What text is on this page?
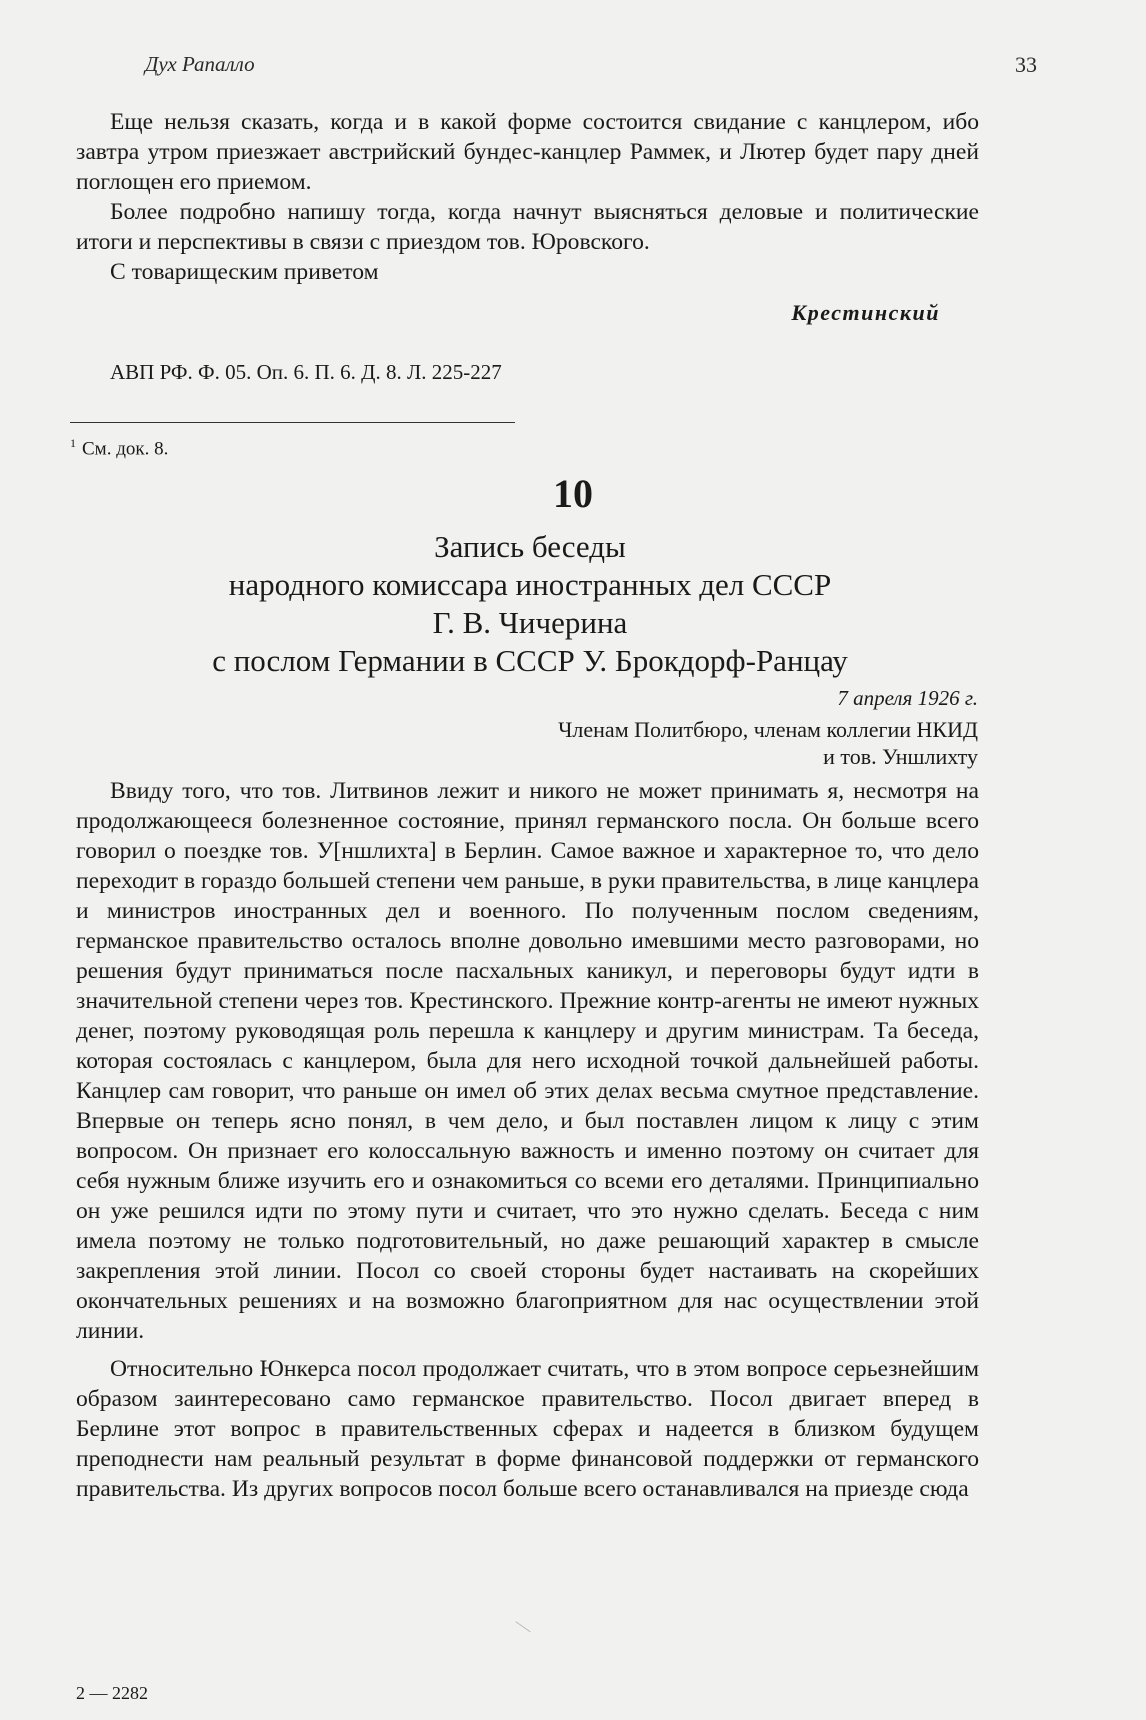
Дух Рапалло	33

Еще нельзя сказать, когда и в какой форме состоится свидание с канцлером, ибо завтра утром приезжает австрийский бундес-канцлер Раммек, и Лютер будет пару дней поглощен его приемом.

Более подробно напишу тогда, когда начнут выясняться деловые и политические итоги и перспективы в связи с приездом тов. Юровского.

С товарищеским приветом

Крестинский
АВП РФ. Ф. 05. Оп. 6. П. 6. Д. 8. Л. 225-227
$^1$ См. док. 8.
10
Запись беседы
народного комиссара иностранных дел СССР
Г. В. Чичерина
с послом Германии в СССР У. Брокдорф-Ранцау
7 апреля 1926 г.
Членам Политбюро, членам коллегии НКИД
и тов. Уншлихту

Ввиду того, что тов. Литвинов лежит и никого не может принимать я, несмотря на продолжающееся болезненное состояние, принял германского посла. Он больше всего говорил о поездке тов. У[ншлихта] в Берлин. Самое важное и характерное то, что дело переходит в гораздо большей степени чем раньше, в руки правительства, в лице канцлера и министров иностранных дел и военного. По полученным послом сведениям, германское правительство осталось вполне довольно имевшими место разговорами, но решения будут приниматься после пасхальных каникул, и переговоры будут идти в значительной степени через тов. Крестинского. Прежние контр-агенты не имеют нужных денег, поэтому руководящая роль перешла к канцлеру и другим министрам. Та беседа, которая состоялась с канцлером, была для него исходной точкой дальнейшей работы. Канцлер сам говорит, что раньше он имел об этих делах весьма смутное представление. Впервые он теперь ясно понял, в чем дело, и был поставлен лицом к лицу с этим вопросом. Он признает его колоссальную важность и именно поэтому он считает для себя нужным ближе изучить его и ознакомиться со всеми его деталями. Принципиально он уже решился идти по этому пути и считает, что это нужно сделать. Беседа с ним имела поэтому не только подготовительный, но даже решающий характер в смысле закрепления этой линии. Посол со своей стороны будет настаивать на скорейших окончательных решениях и на возможно благоприятном для нас осуществлении этой линии.

Относительно Юнкерса посол продолжает считать, что в этом вопросе серьезнейшим образом заинтересовано само германское правительство. Посол двигает вперед в Берлине этот вопрос в правительственных сферах и надеется в близком будущем преподнести нам реальный результат в форме финансовой поддержки от германского правительства. Из других вопросов посол больше всего останавливался на приезде сюда

2 — 2282
